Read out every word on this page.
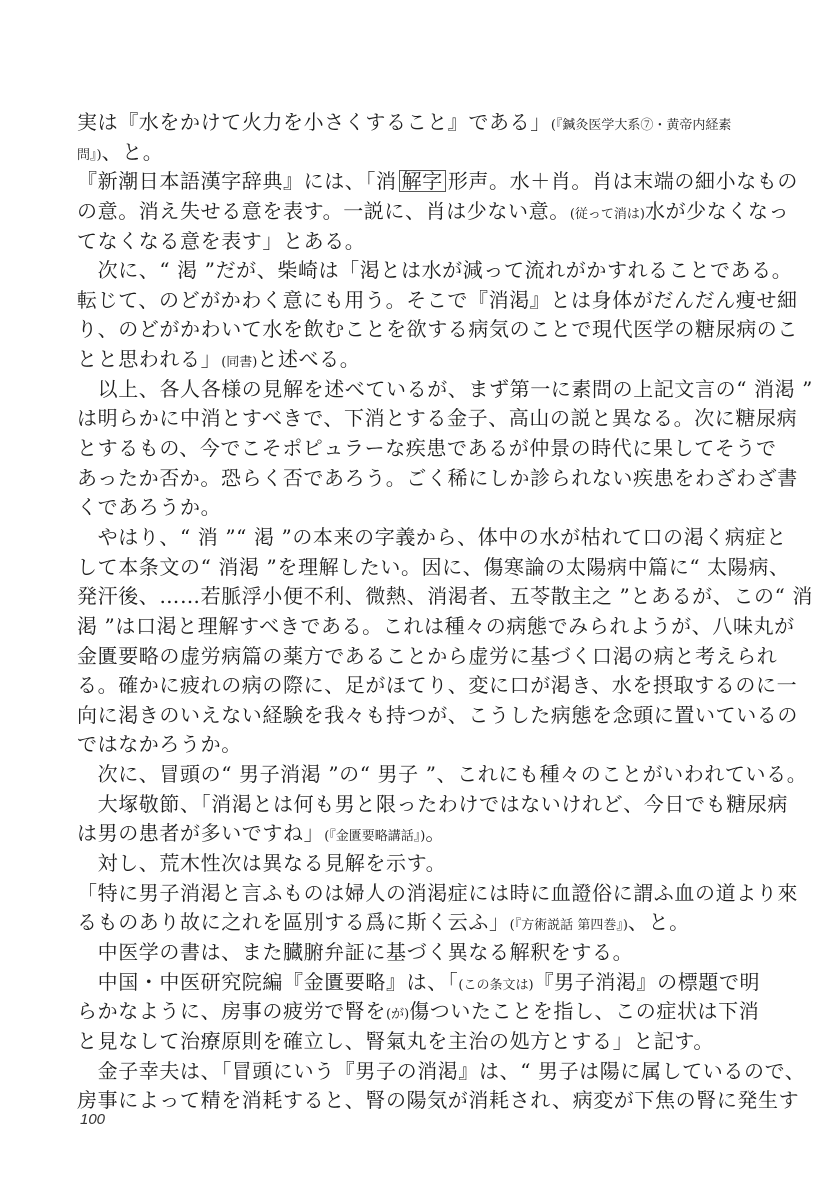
実は『水をかけて火力を小さくすること』である」(『鍼灸医学大系⑦・黄帝内経素
問』)、と。
『新潮日本語漢字辞典』には、「消 解字 形声。水＋肖。肖は末端の細小なもの
の意。消え失せる意を表す。一説に、肖は少ない意。(従って消は)水が少なくなっ
てなくなる意を表す」とある。
　次に、“ 渇 ”だが、柴崎は「渇とは水が減って流れがかすれることである。
転じて、のどがかわく意にも用う。そこで『消渇』とは身体がだんだん痩せ細
り、のどがかわいて水を飲むことを欲する病気のことで現代医学の糖尿病のこ
とと思われる」(同書)と述べる。
　以上、各人各様の見解を述べているが、まず第一に素問の上記文言の“ 消渇 ”
は明らかに中消とすべきで、下消とする金子、高山の説と異なる。次に糖尿病
とするもの、今でこそポピュラーな疾患であるが仲景の時代に果してそうで
あったか否か。恐らく否であろう。ごく稀にしか診られない疾患をわざわざ書
くであろうか。
　やはり、“ 消 ”“ 渇 ”の本来の字義から、体中の水が枯れて口の渇く病症と
して本条文の“ 消渇 ”を理解したい。因に、傷寒論の太陽病中篇に“ 太陽病、
発汗後、……若脈浮小便不利、微熱、消渇者、五苓散主之 ”とあるが、この“ 消
渇 ”は口渇と理解すべきである。これは種々の病態でみられようが、八味丸が
金匱要略の虚労病篇の薬方であることから虚労に基づく口渇の病と考えられ
る。確かに疲れの病の際に、足がほてり、変に口が渇き、水を摂取するのに一
向に渇きのいえない経験を我々も持つが、こうした病態を念頭に置いているの
ではなかろうか。
　次に、冒頭の“ 男子消渇 ”の“ 男子 ”、これにも種々のことがいわれている。
　大塚敬節、「消渇とは何も男と限ったわけではないけれど、今日でも糖尿病
は男の患者が多いですね」(『金匱要略講話』)。
　対し、荒木性次は異なる見解を示す。
「特に男子消渇と言ふものは婦人の消渇症には時に血證俗に謂ふ血の道より來
るものあり故に之れを區別する爲に斯く云ふ」(『方術説話 第四巻』)、と。
　中医学の書は、また臓腑弁証に基づく異なる解釈をする。
　中国・中医研究院編『金匱要略』は、「(この条文は)『男子消渇』の標題で明
らかなように、房事の疲労で腎を(が)傷ついたことを指し、この症状は下消
と見なして治療原則を確立し、腎氣丸を主治の処方とする」と記す。
　金子幸夫は、「冒頭にいう『男子の消渇』は、“ 男子は陽に属しているので、
房事によって精を消耗すると、腎の陽気が消耗され、病変が下焦の腎に発生す
100
